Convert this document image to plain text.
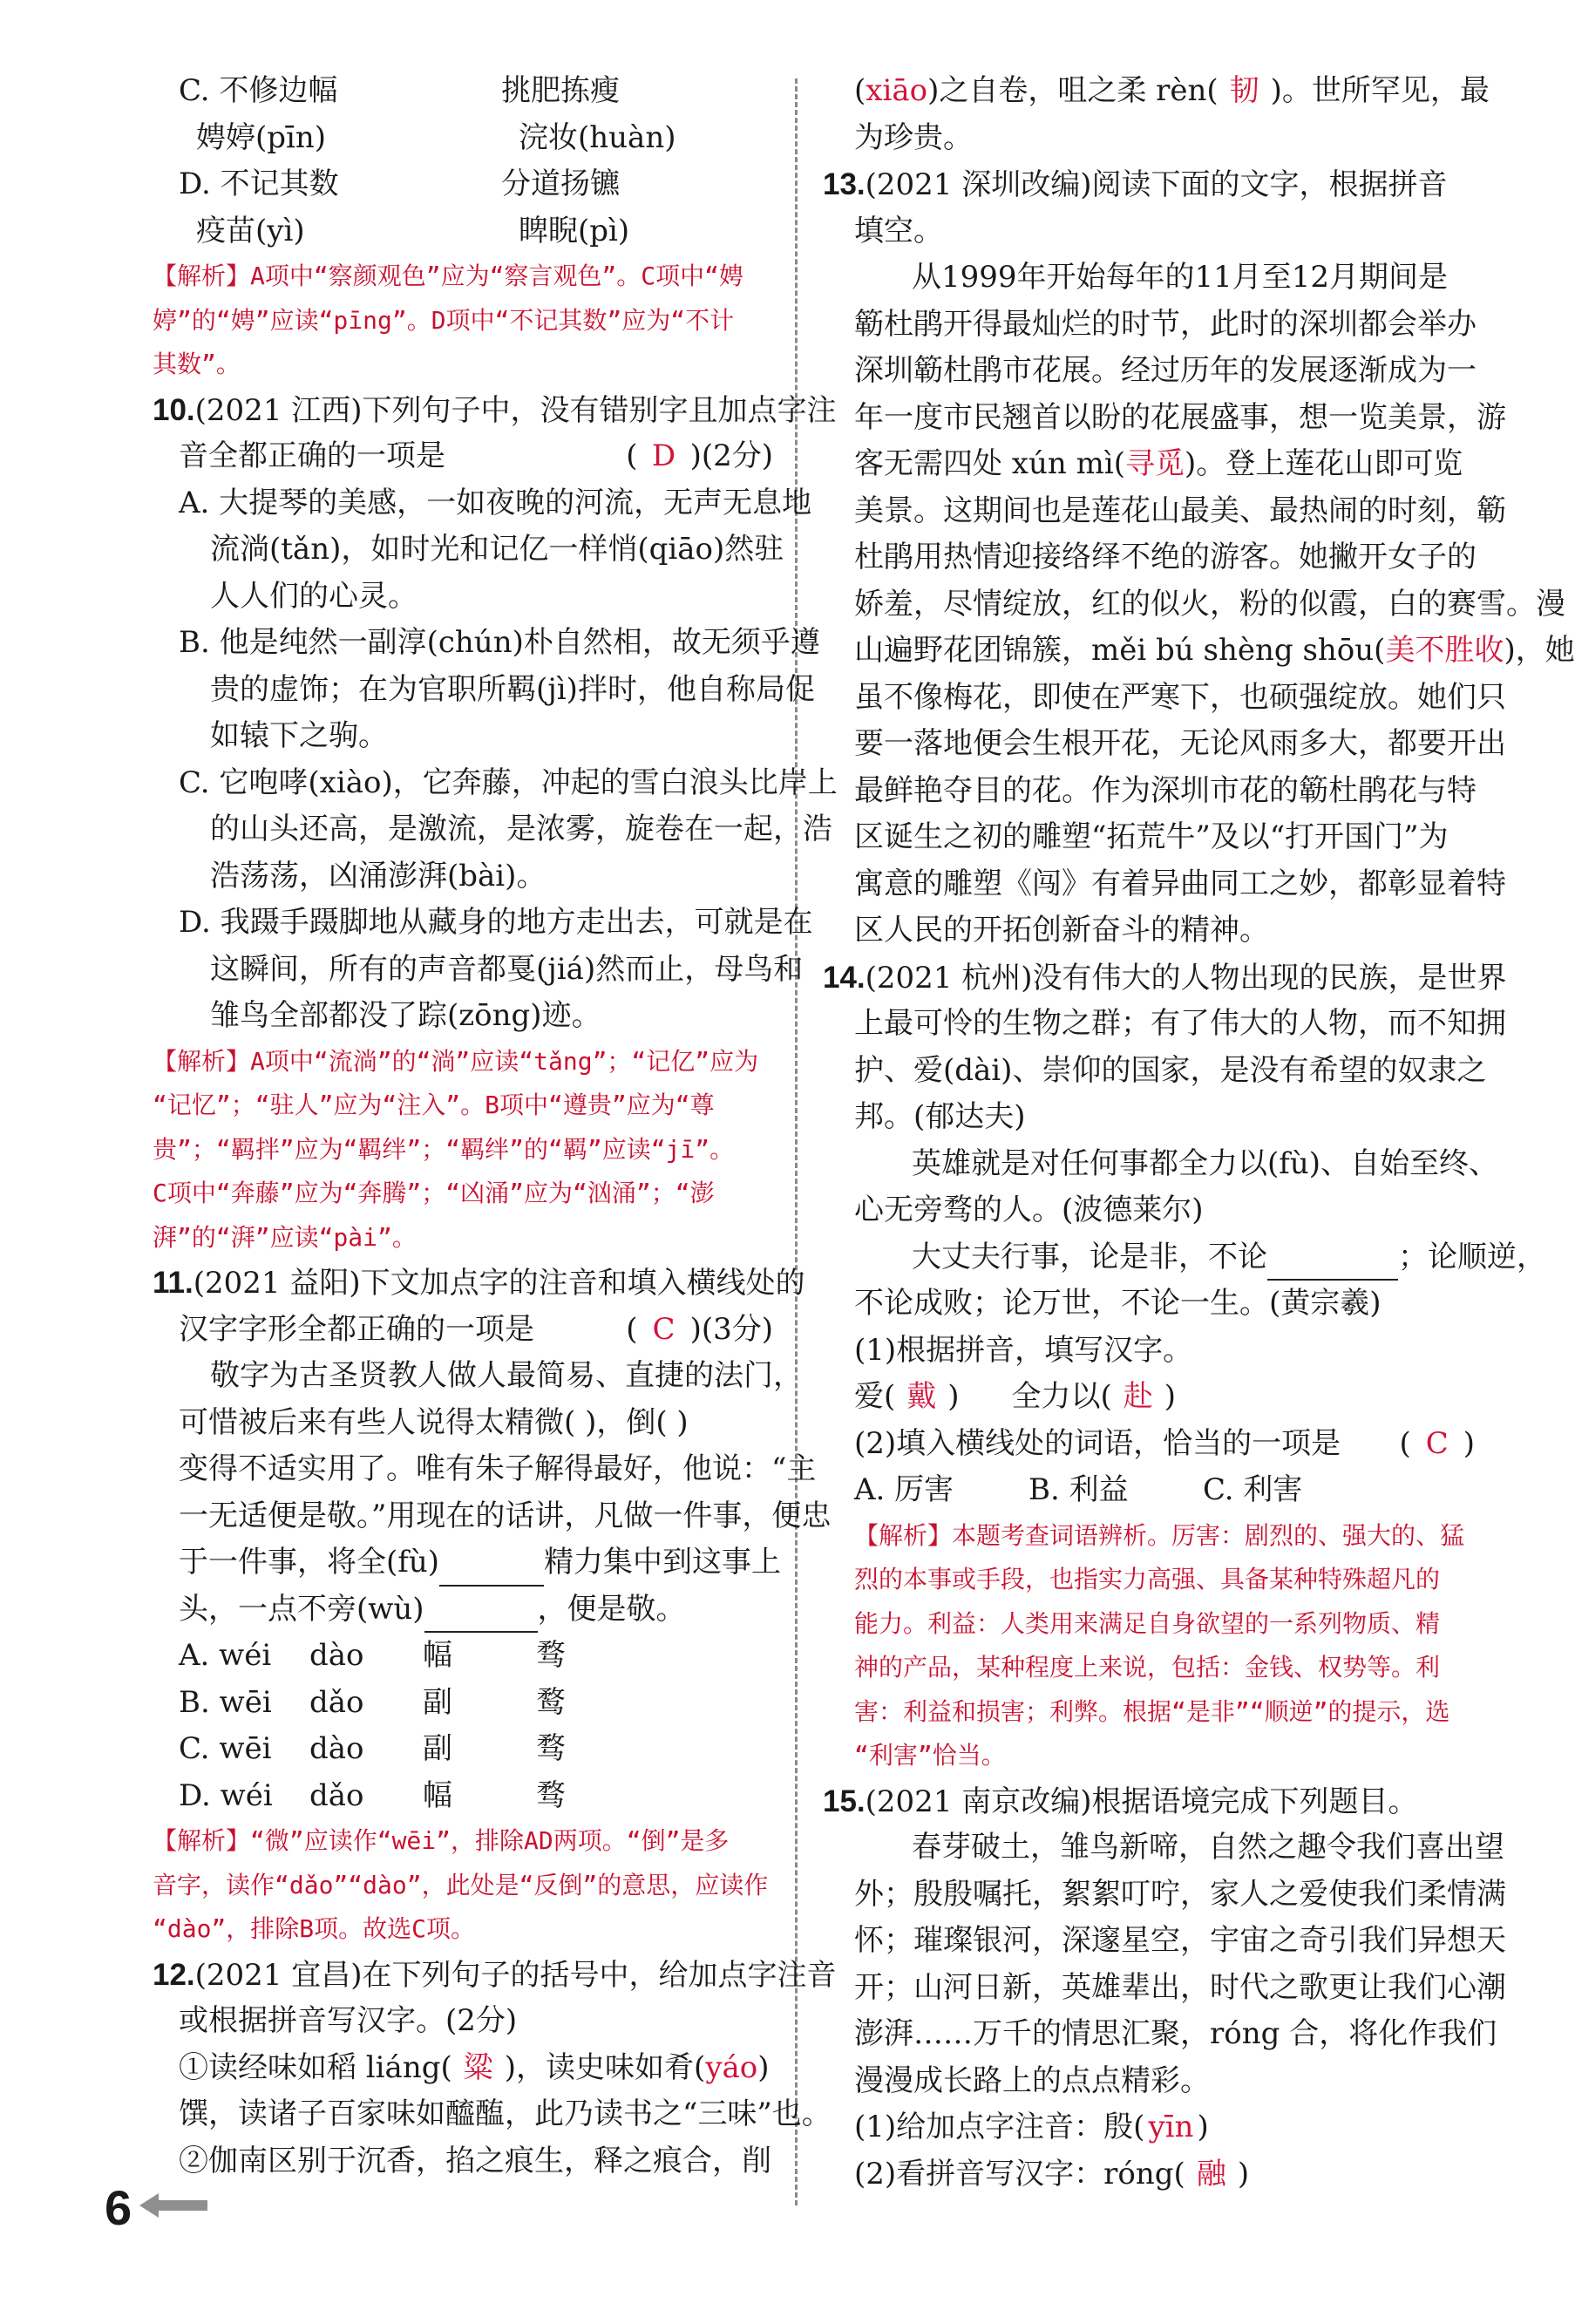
C. 不修边幅	挑肥拣瘦
娉婷(pīn)	浣妆(huàn)
D. 不记其数	分道扬镳
疫苗(yì)	睥睨(pì)
【解析】A项中“察颜观色”应为“察言观色”。C项中“娉
婷”的“娉”应读“pīng”。D项中“不记其数”应为“不计
其数”。
10.(2021 江西)下列句子中，没有错别字且加点字注
音全都正确的一项是	( D )(2分)
A. 大提琴的美感，一如夜晚的河流，无声无息地
流淌(tǎn)，如时光和记亿一样悄(qiāo)然驻
人人们的心灵。
B. 他是纯然一副淳(chún)朴自然相，故无须乎遵
贵的虚饰；在为官职所羁(jì)拌时，他自称局促
如辕下之驹。
C. 它咆哮(xiào)，它奔藤，冲起的雪白浪头比岸上
的山头还高，是激流，是浓雾，旋卷在一起，浩
浩荡荡，凶涌澎湃(bài)。
D. 我蹑手蹑脚地从藏身的地方走出去，可就是在
这瞬间，所有的声音都戛(jiá)然而止，母鸟和
雏鸟全部都没了踪(zōng)迹。
【解析】A项中“流淌”的“淌”应读“tǎng”；“记亿”应为
“记忆”；“驻人”应为“注入”。B项中“遵贵”应为“尊
贵”；“羁拌”应为“羁绊”；“羁绊”的“羁”应读“jī”。
C项中“奔藤”应为“奔腾”；“凶涌”应为“汹涌”；“澎
湃”的“湃”应读“pài”。
11.(2021 益阳)下文加点字的注音和填入横线处的
汉字字形全都正确的一项是	( C )(3分)
敬字为古圣贤教人做人最简易、直捷的法门，
可惜被后来有些人说得太精微( )，倒( )
变得不适实用了。唯有朱子解得最好，他说：“主
一无适便是敬。”用现在的话讲，凡做一件事，便忠
于一件事，将全(fù)	精力集中到这事上
头，一点不旁(wù)	，便是敬。
A. wéi	dào	幅	骛
B. wēi	dǎo	副	鹜
C. wēi	dào	副	骛
D. wéi	dǎo	幅	骛
【解析】“微”应读作“wēi”，排除AD两项。“倒”是多
音字，读作“dǎo”“dào”，此处是“反倒”的意思，应读作
“dào”，排除B项。故选C项。
12.(2021 宜昌)在下列句子的括号中，给加点字注音
或根据拼音写汉字。(2分)
①读经味如稻 liáng( 粱 )，读史味如肴(yáo)
馔，读诸子百家味如醯醢，此乃读书之“三味”也。
②伽南区别于沉香，掐之痕生，释之痕合，削
(xiāo)之自卷，咀之柔 rèn( 韧 )。世所罕见，最
为珍贵。
13.(2021 深圳改编)阅读下面的文字，根据拼音
填空。
从1999年开始每年的11月至12月期间是
簕杜鹃开得最灿烂的时节，此时的深圳都会举办
深圳簕杜鹃市花展。经过历年的发展逐渐成为一
年一度市民翘首以盼的花展盛事，想一览美景，游
客无需四处 xún mì(寻觅)。登上莲花山即可览
美景。这期间也是莲花山最美、最热闹的时刻，簕
杜鹃用热情迎接络绎不绝的游客。她撇开女子的
娇羞，尽情绽放，红的似火，粉的似霞，白的赛雪。漫
山遍野花团锦簇，měi bú shèng shōu(美不胜收)，她
虽不像梅花，即使在严寒下，也硕强绽放。她们只
要一落地便会生根开花，无论风雨多大，都要开出
最鲜艳夺目的花。作为深圳市花的簕杜鹃花与特
区诞生之初的雕塑“拓荒牛”及以“打开国门”为
寓意的雕塑《闯》有着异曲同工之妙，都彰显着特
区人民的开拓创新奋斗的精神。
14.(2021 杭州)没有伟大的人物出现的民族，是世界
上最可怜的生物之群；有了伟大的人物，而不知拥
护、爱(dài)、崇仰的国家，是没有希望的奴隶之
邦。(郁达夫)
英雄就是对任何事都全力以(fù)、自始至终、
心无旁骛的人。(波德莱尔)
大丈夫行事，论是非，不论	；论顺逆，
不论成败；论万世，不论一生。(黄宗羲)
(1)根据拼音，填写汉字。
爱( 戴 ) 全力以( 赴 )
(2)填入横线处的词语，恰当的一项是 ( C )
A. 厉害	B. 利益	C. 利害
【解析】本题考查词语辨析。厉害：剧烈的、强大的、猛
烈的本事或手段，也指实力高强、具备某种特殊超凡的
能力。利益：人类用来满足自身欲望的一系列物质、精
神的产品，某种程度上来说，包括：金钱、权势等。利
害：利益和损害；利弊。根据“是非”“顺逆”的提示，选
“利害”恰当。
15.(2021 南京改编)根据语境完成下列题目。
春芽破土，雏鸟新啼，自然之趣令我们喜出望
外；殷殷嘱托，絮絮叮咛，家人之爱使我们柔情满
怀；璀璨银河，深邃星空，宇宙之奇引我们异想天
开；山河日新，英雄辈出，时代之歌更让我们心潮
澎湃……万千的情思汇聚，róng 合，将化作我们
漫漫成长路上的点点精彩。
(1)给加点字注音：殷( yīn )
(2)看拼音写汉字：róng( 融 )
6
